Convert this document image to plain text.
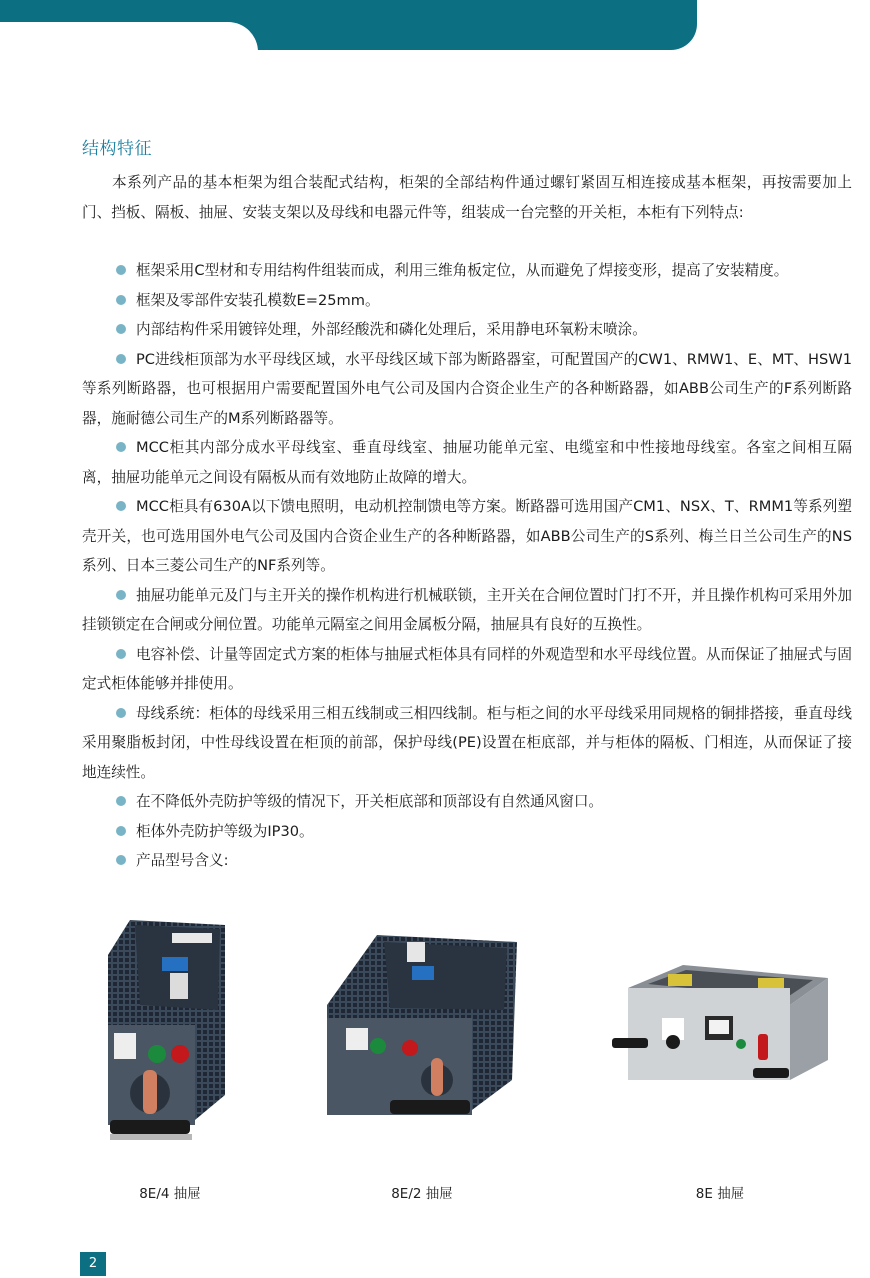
结构特征
本系列产品的基本柜架为组合装配式结构，柜架的全部结构件通过螺钉紧固互相连接成基本框架，再按需要加上门、挡板、隔板、抽屉、安装支架以及母线和电器元件等，组装成一台完整的开关柜，本柜有下列特点:
框架采用C型材和专用结构件组装而成，利用三维角板定位，从而避免了焊接变形，提高了安装精度。
框架及零部件安装孔模数E=25mm。
内部结构件采用镀锌处理，外部经酸洗和磷化处理后，采用静电环氧粉末喷涂。
PC进线柜顶部为水平母线区域，水平母线区域下部为断路器室，可配置国产的CW1、RMW1、E、MT、HSW1等系列断路器，也可根据用户需要配置国外电气公司及国内合资企业生产的各种断路器，如ABB公司生产的F系列断路器，施耐德公司生产的M系列断路器等。
MCC柜其内部分成水平母线室、垂直母线室、抽屉功能单元室、电缆室和中性接地母线室。各室之间相互隔离，抽屉功能单元之间设有隔板从而有效地防止故障的增大。
MCC柜具有630A以下馈电照明，电动机控制馈电等方案。断路器可选用国产CM1、NSX、T、RMM1等系列塑壳开关，也可选用国外电气公司及国内合资企业生产的各种断路器，如ABB公司生产的S系列、梅兰日兰公司生产的NS系列、日本三菱公司生产的NF系列等。
抽屉功能单元及门与主开关的操作机构进行机械联锁，主开关在合闸位置时门打不开，并且操作机构可采用外加挂锁锁定在合闸或分闸位置。功能单元隔室之间用金属板分隔，抽屉具有良好的互换性。
电容补偿、计量等固定式方案的柜体与抽屉式柜体具有同样的外观造型和水平母线位置。从而保证了抽屉式与固定式柜体能够并排使用。
母线系统：柜体的母线采用三相五线制或三相四线制。柜与柜之间的水平母线采用同规格的铜排搭接，垂直母线采用聚脂板封闭，中性母线设置在柜顶的前部，保护母线(PE)设置在柜底部，并与柜体的隔板、门相连，从而保证了接地连续性。
在不降低外壳防护等级的情况下，开关柜底部和顶部设有自然通风窗口。
柜体外壳防护等级为IP30。
产品型号含义:
8E/4 抽屉	8E/2 抽屉	8E 抽屉
2
